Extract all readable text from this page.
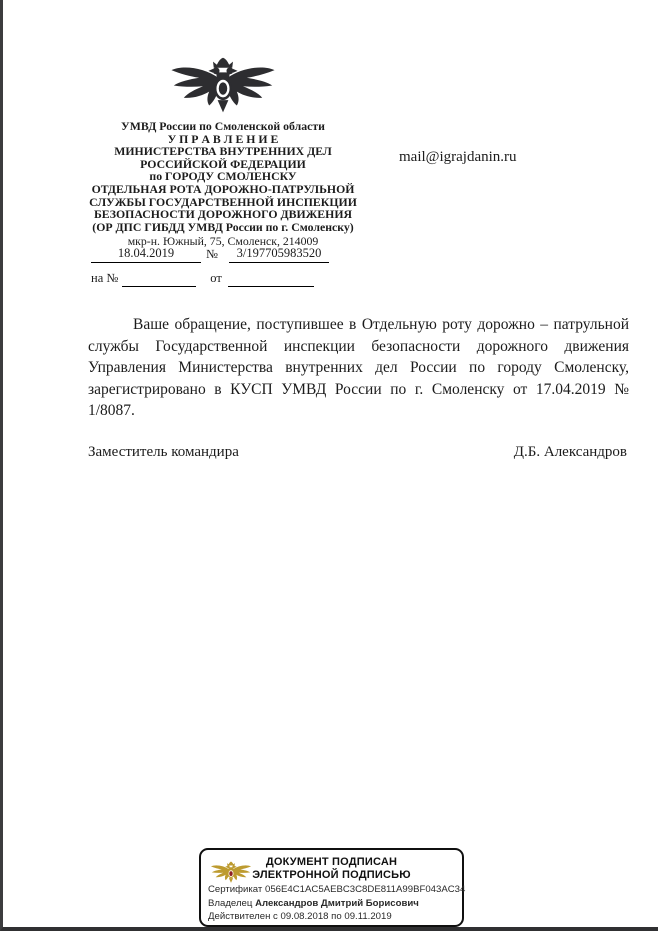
УМВД России по Смоленской области
У П Р А В Л Е Н И Е
МИНИСТЕРСТВА ВНУТРЕННИХ ДЕЛ
РОССИЙСКОЙ ФЕДЕРАЦИИ
по ГОРОДУ СМОЛЕНСКУ
ОТДЕЛЬНАЯ РОТА ДОРОЖНО-ПАТРУЛЬНОЙ
СЛУЖБЫ ГОСУДАРСТВЕННОЙ ИНСПЕКЦИИ
БЕЗОПАСНОСТИ ДОРОЖНОГО ДВИЖЕНИЯ
(ОР ДПС ГИБДД УМВД России по г. Смоленску)
мкр-н. Южный, 75, Смоленск, 214009
mail@igrajdanin.ru
18.04.2019	№	3/197705983520
на №	от

Ваше обращение, поступившее в Отдельную роту дорожно – патрульной службы Государственной инспекции безопасности дорожного движения Управления Министерства внутренних дел России по городу Смоленску, зарегистрировано в КУСП УМВД России по г. Смоленску от 17.04.2019 № 1/8087.

Заместитель командира	Д.Б. Александров
ДОКУМЕНТ ПОДПИСАН
ЭЛЕКТРОННОЙ ПОДПИСЬЮ
Сертификат 056E4C1AC5AEBC3C8DE811A99BF043AC34
Владелец Александров Дмитрий Борисович
Действителен с 09.08.2018 по 09.11.2019
